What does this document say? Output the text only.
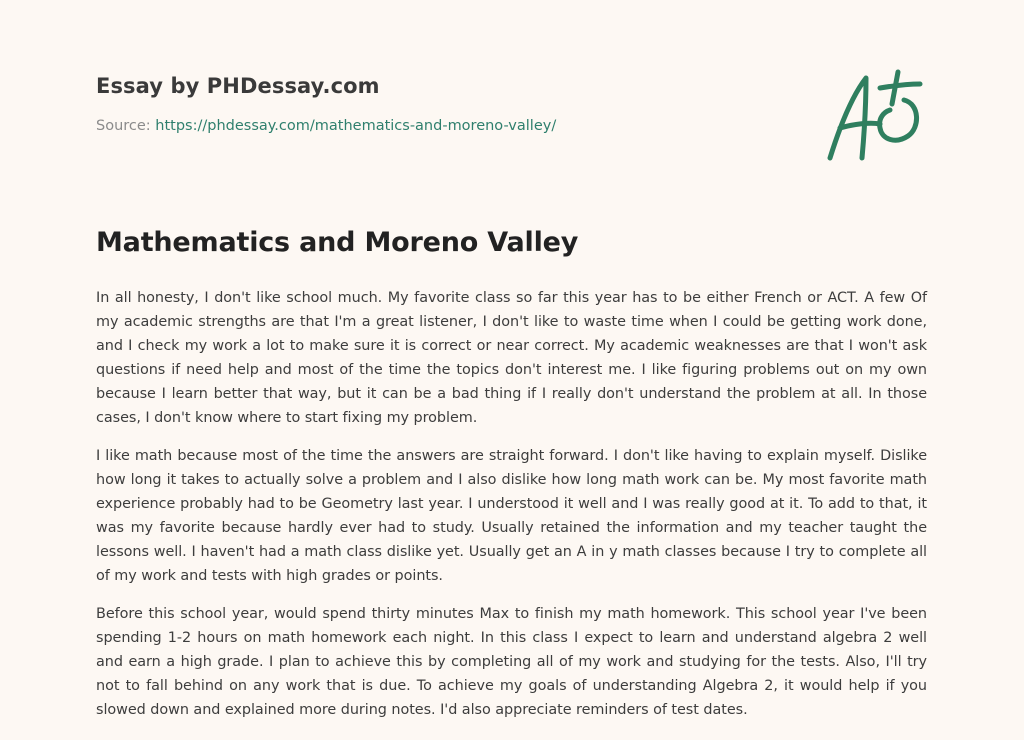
Essay by PHDessay.com
Source: https://phdessay.com/mathematics-and-moreno-valley/
Mathematics and Moreno Valley

In all honesty, I don't like school much. My favorite class so far this year has to be either French or ACT. A few Of my academic strengths are that I'm a great listener, I don't like to waste time when I could be getting work done, and I check my work a lot to make sure it is correct or near correct. My academic weaknesses are that I won't ask questions if need help and most of the time the topics don't interest me. I like figuring problems out on my own because I learn better that way, but it can be a bad thing if I really don't understand the problem at all. In those cases, I don't know where to start fixing my problem.

I like math because most of the time the answers are straight forward. I don't like having to explain myself. Dislike how long it takes to actually solve a problem and I also dislike how long math work can be. My most favorite math experience probably had to be Geometry last year. I understood it well and I was really good at it. To add to that, it was my favorite because hardly ever had to study. Usually retained the information and my teacher taught the lessons well. I haven't had a math class dislike yet. Usually get an A in y math classes because I try to complete all of my work and tests with high grades or points.

Before this school year, would spend thirty minutes Max to finish my math homework. This school year I've been spending 1-2 hours on math homework each night. In this class I expect to learn and understand algebra 2 well and earn a high grade. I plan to achieve this by completing all of my work and studying for the tests. Also, I'll try not to fall behind on any work that is due. To achieve my goals of understanding Algebra 2, it would help if you slowed down and explained more during notes. I'd also appreciate reminders of test dates.
